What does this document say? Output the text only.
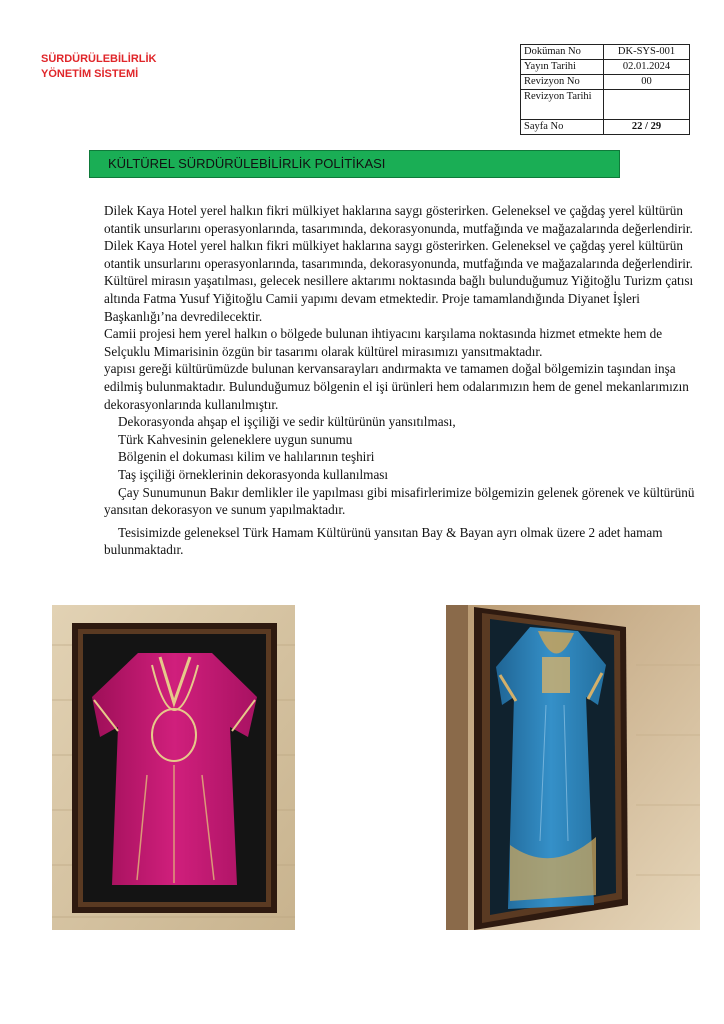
SÜRDÜRÜLEBİLİRLİK
YÖNETİM SİSTEMİ
Doküman No	DK-SYS-001
Yayın Tarihi	02.01.2024
Revizyon No	00
Revizyon Tarihi	
Sayfa No	22 / 29
KÜLTÜREL SÜRDÜRÜLEBİLİRLİK POLİTİKASI

Dilek Kaya Hotel yerel halkın fikri mülkiyet haklarına saygı gösterirken. Geleneksel ve çağdaş yerel kültürün otantik unsurlarını operasyonlarında, tasarımında, dekorasyonunda, mutfağında ve mağazalarında değerlendirir.

Dilek Kaya Hotel yerel halkın fikri mülkiyet haklarına saygı gösterirken. Geleneksel ve çağdaş yerel kültürün otantik unsurlarını operasyonlarında, tasarımında, dekorasyonunda, mutfağında ve mağazalarında değerlendirir.

Kültürel mirasın yaşatılması, gelecek nesillere aktarımı noktasında bağlı bulunduğumuz Yiğitoğlu Turizm çatısı altında Fatma Yusuf Yiğitoğlu Camii yapımı devam etmektedir. Proje tamamlandığında Diyanet İşleri Başkanlığı’na devredilecektir.

Camii projesi hem yerel halkın o bölgede bulunan ihtiyacını karşılama noktasında hizmet etmekte hem de Selçuklu Mimarisinin özgün bir tasarımı olarak kültürel mirasımızı yansıtmaktadır.

yapısı gereği kültürümüzde bulunan kervansarayları andırmakta ve tamamen doğal bölgemizin taşından inşa edilmiş bulunmaktadır. Bulunduğumuz bölgenin el işi ürünleri hem odalarımızın hem de genel mekanlarımızın dekorasyonlarında kullanılmıştır.

Dekorasyonda ahşap el işçiliği ve sedir kültürünün yansıtılması,

Türk Kahvesinin geleneklere uygun sunumu

Bölgenin el dokuması kilim ve halılarının teşhiri

Taş işçiliği örneklerinin dekorasyonda kullanılması

Çay Sunumunun Bakır demlikler ile yapılması gibi misafirlerimize bölgemizin gelenek görenek ve kültürünü yansıtan dekorasyon ve sunum yapılmaktadır.

Tesisimizde geleneksel Türk Hamam Kültürünü yansıtan Bay & Bayan ayrı olmak üzere 2 adet hamam bulunmaktadır.
